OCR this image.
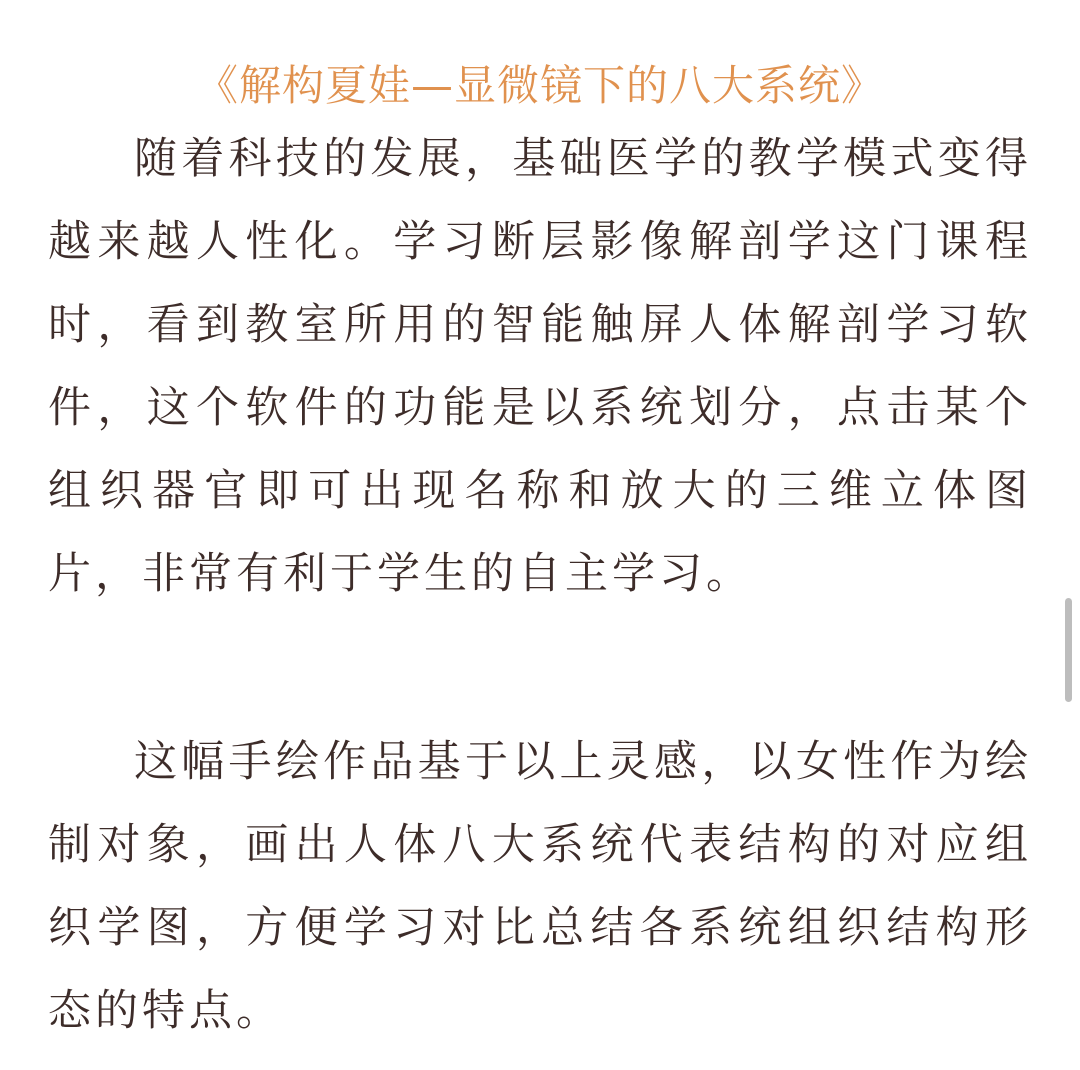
《解构夏娃—显微镜下的八大系统》

随着科技的发展，基础医学的教学模式变得越来越人性化。学习断层影像解剖学这门课程时，看到教室所用的智能触屏人体解剖学习软件，这个软件的功能是以系统划分，点击某个组织器官即可出现名称和放大的三维立体图片，非常有利于学生的自主学习。

这幅手绘作品基于以上灵感，以女性作为绘制对象，画出人体八大系统代表结构的对应组织学图，方便学习对比总结各系统组织结构形态的特点。
